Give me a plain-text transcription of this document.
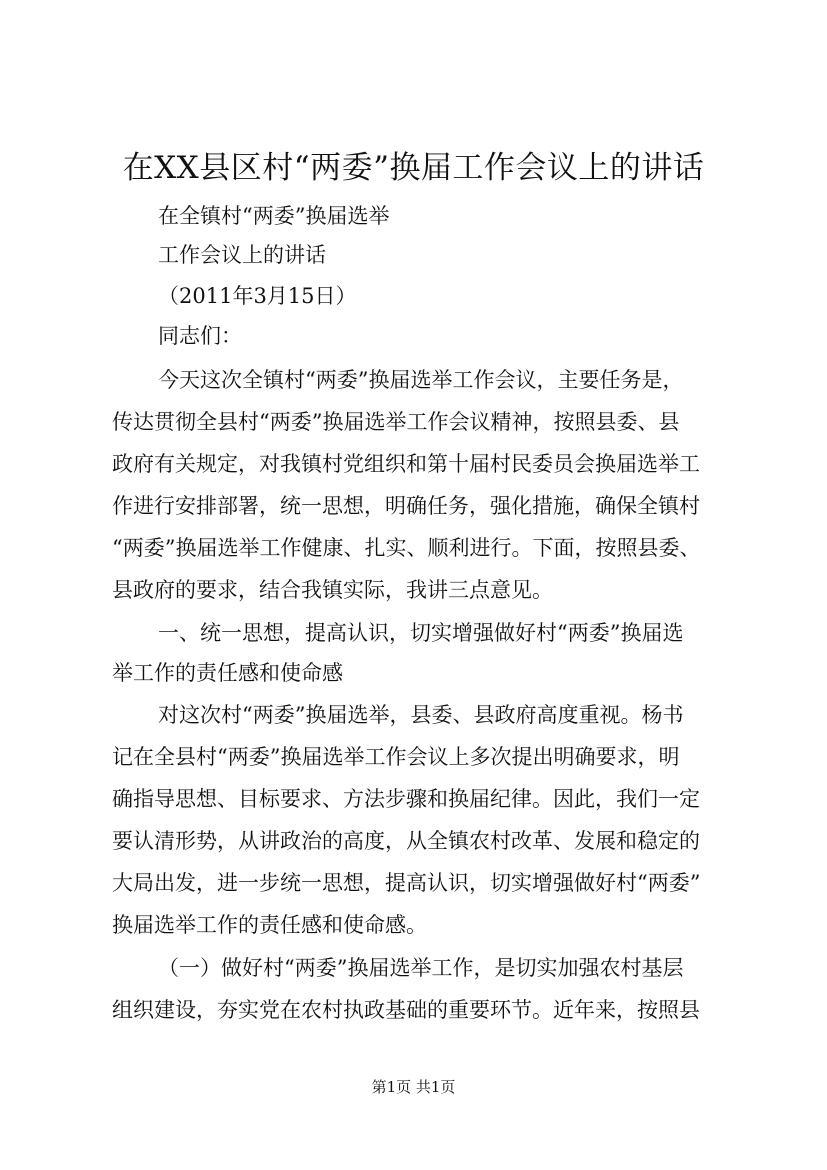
在XX县区村“两委”换届工作会议上的讲话
在全镇村“两委”换届选举
工作会议上的讲话
（2011年3月15日）
同志们：
今天这次全镇村“两委”换届选举工作会议，主要任务是，
传达贯彻全县村“两委”换届选举工作会议精神，按照县委、县
政府有关规定，对我镇村党组织和第十届村民委员会换届选举工
作进行安排部署，统一思想，明确任务，强化措施，确保全镇村
“两委”换届选举工作健康、扎实、顺利进行。下面，按照县委、
县政府的要求，结合我镇实际，我讲三点意见。
一、统一思想，提高认识，切实增强做好村“两委”换届选
举工作的责任感和使命感
对这次村“两委”换届选举，县委、县政府高度重视。杨书
记在全县村“两委”换届选举工作会议上多次提出明确要求，明
确指导思想、目标要求、方法步骤和换届纪律。因此，我们一定
要认清形势，从讲政治的高度，从全镇农村改革、发展和稳定的
大局出发，进一步统一思想，提高认识，切实增强做好村“两委”
换届选举工作的责任感和使命感。
（一）做好村“两委”换届选举工作，是切实加强农村基层
组织建设，夯实党在农村执政基础的重要环节。近年来，按照县
第1页 共1页
